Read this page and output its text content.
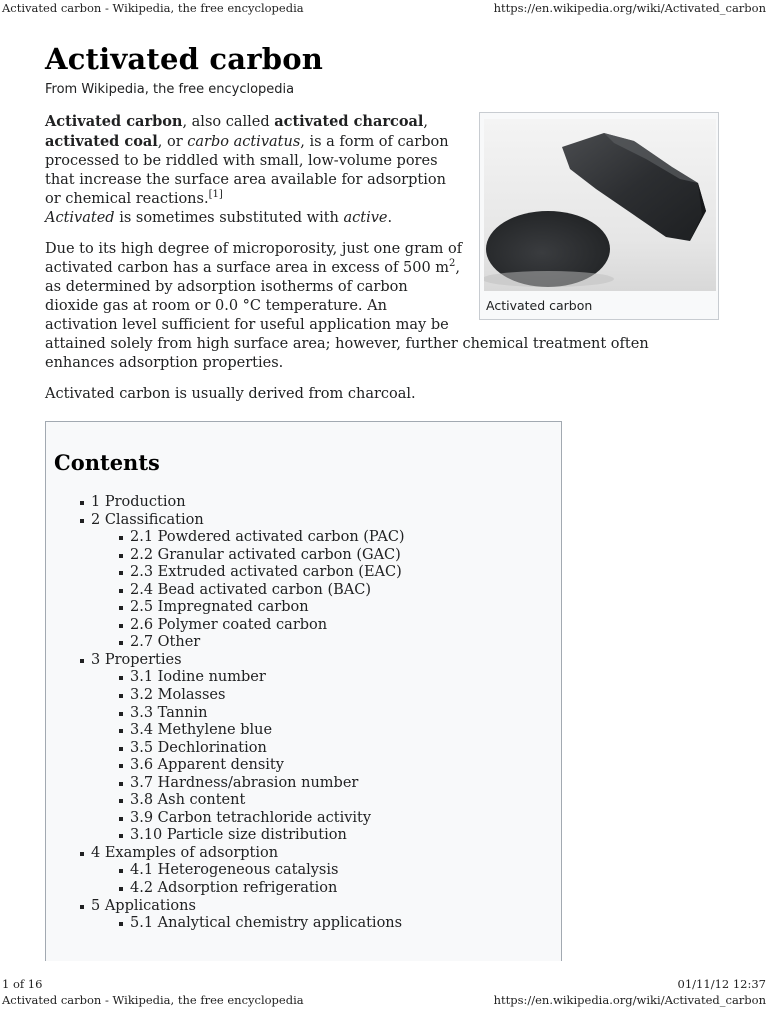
Activated carbon - Wikipedia, the free encyclopedia	https://en.wikipedia.org/wiki/Activated_carbon
Activated carbon
From Wikipedia, the free encyclopedia
Activated carbon

Activated carbon, also called activated charcoal, activated coal, or carbo activatus, is a form of carbon processed to be riddled with small, low-volume pores that increase the surface area available for adsorption or chemical reactions.[1]
Activated is sometimes substituted with active.

Due to its high degree of microporosity, just one gram of activated carbon has a surface area in excess of 500 $m^2$, as determined by adsorption isotherms of carbon dioxide gas at room or 0.0 °C temperature. An activation level sufficient for useful application may be attained solely from high surface area; however, further chemical treatment often enhances adsorption properties.

Activated carbon is usually derived from charcoal.

Contents
1 Production
2 Classification
2.1 Powdered activated carbon (PAC)
2.2 Granular activated carbon (GAC)
2.3 Extruded activated carbon (EAC)
2.4 Bead activated carbon (BAC)
2.5 Impregnated carbon
2.6 Polymer coated carbon
2.7 Other
3 Properties
3.1 Iodine number
3.2 Molasses
3.3 Tannin
3.4 Methylene blue
3.5 Dechlorination
3.6 Apparent density
3.7 Hardness/abrasion number
3.8 Ash content
3.9 Carbon tetrachloride activity
3.10 Particle size distribution
4 Examples of adsorption
4.1 Heterogeneous catalysis
4.2 Adsorption refrigeration
5 Applications
5.1 Analytical chemistry applications
1 of 16	01/11/12 12:37
Activated carbon - Wikipedia, the free encyclopedia	https://en.wikipedia.org/wiki/Activated_carbon
